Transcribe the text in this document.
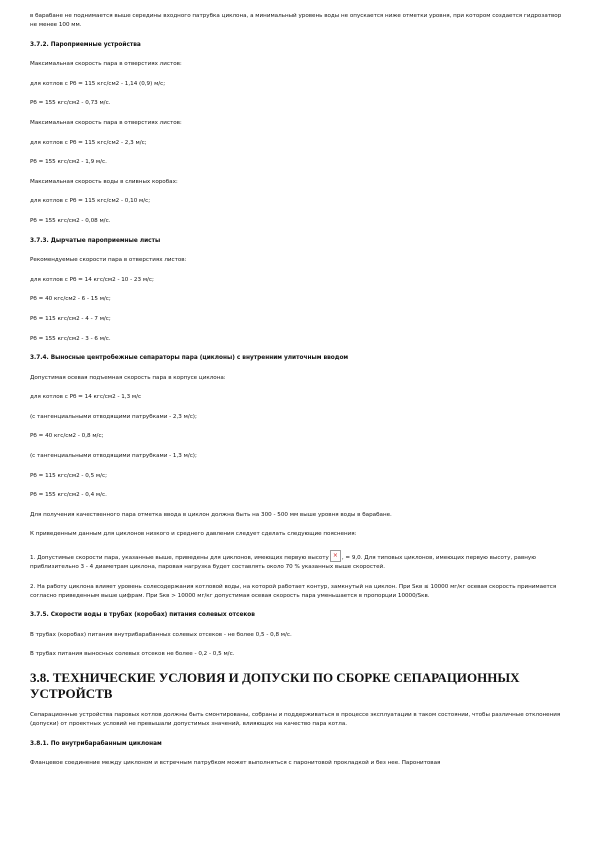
в барабане не поднимается выше середины входного патрубка циклона, а минимальный уровень воды не опускается ниже отметки уровня, при котором создается гидрозатвор не менее 100 мм.
3.7.2. Пароприемные устройства
Максимальная скорость пара в отверстиях листов:
для котлов с Рб = 115 кгс/см2 - 1,14 (0,9) м/с;
Рб = 155 кгс/см2 - 0,73 м/с.
Максимальная скорость пара в отверстиях листов:
для котлов с Рб = 115 кгс/см2 - 2,3 м/с;
Рб = 155 кгс/см2 - 1,9 м/с.
Максимальная скорость воды в сливных коробах:
для котлов с Рб = 115 кгс/см2 - 0,10 м/с;
Рб = 155 кгс/см2 - 0,08 м/с.
3.7.3. Дырчатые пароприемные листы
Рекомендуемые скорости пара в отверстиях листов:
для котлов с Рб = 14 кгс/см2 - 10 - 23 м/с;
Рб = 40 кгс/см2 - 6 - 15 м/с;
Рб = 115 кгс/см2 - 4 - 7 м/с;
Рб = 155 кгс/см2 - 3 - 6 м/с.
3.7.4. Выносные центробежные сепараторы пара (циклоны) с внутренним улиточным вводом
Допустимая осевая подъемная скорость пара в корпусе циклона:
для котлов с Рб = 14 кгс/см2 - 1,3 м/с
(с тангенциальными отводящими патрубками - 2,3 м/с);
Рб = 40 кгс/см2 - 0,8 м/с;
(с тангенциальными отводящими патрубками - 1,3 м/с);
Рб = 115 кгс/см2 - 0,5 м/с;
Рб = 155 кгс/см2 - 0,4 м/с.
Для получения качественного пара отметка ввода в циклон должна быть на 300 - 500 мм выше уровня воды в барабане.
К приведенным данным для циклонов низкого и среднего давления следует сделать следующие пояснения:
1. Допустимые скорости пара, указанные выше, приведены для циклонов, имеющих первую высоту × , = 9,0. Для типовых циклонов, имеющих первую высоту, равную приблизительно 3 - 4 диаметрам циклона, паровая нагрузка будет составлять около 70 % указанных выше скоростей.
2. На работу циклона влияет уровень солесодержания котловой воды, на которой работает контур, замкнутый на циклон. При Sкв ≤ 10000 мг/кг осевая скорость принимается согласно приведенным выше цифрам. При Sкв > 10000 мг/кг допустимая осевая скорость пара уменьшается в пропорции 10000/Sкв.
3.7.5. Скорости воды в трубах (коробах) питания солевых отсеков
В трубах (коробах) питания внутрибарабанных солевых отсеков - не более 0,5 - 0,8 м/с.
В трубах питания выносных солевых отсеков не более - 0,2 - 0,5 м/с.
3.8. ТЕХНИЧЕСКИЕ УСЛОВИЯ И ДОПУСКИ ПО СБОРКЕ СЕПАРАЦИОННЫХ УСТРОЙСТВ
Сепарационные устройства паровых котлов должны быть смонтированы, собраны и поддерживаться в процессе эксплуатации в таком состоянии, чтобы различные отклонения (допуски) от проектных условий не превышали допустимых значений, влияющих на качество пара котла.
3.8.1. По внутрибарабанным циклонам
Фланцевое соединение между циклоном и встречным патрубком может выполняться с паронитовой прокладкой и без нее. Паронитовая
